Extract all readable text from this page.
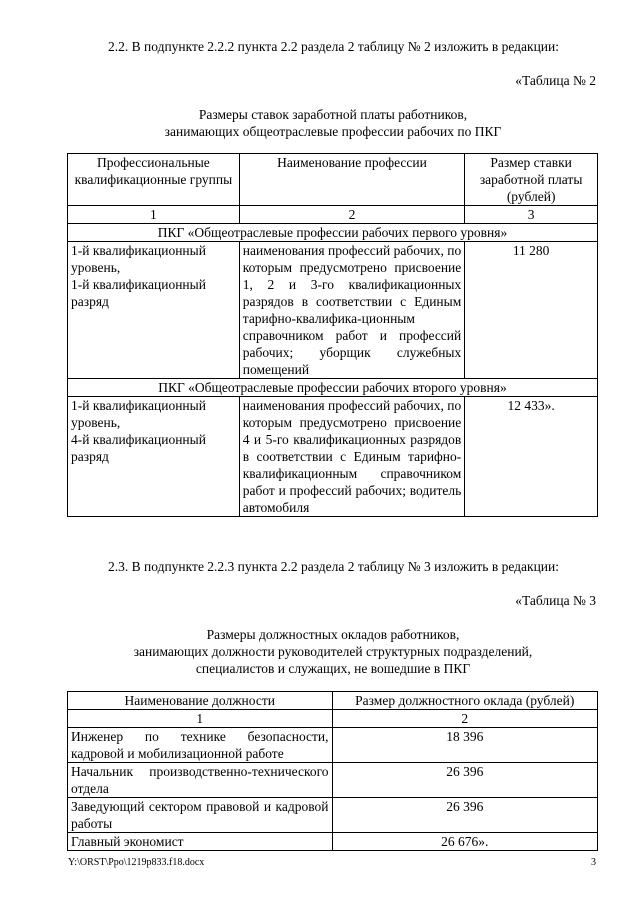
2.2. В подпункте 2.2.2 пункта 2.2 раздела 2 таблицу № 2 изложить в редакции:
«Таблица № 2
Размеры ставок заработной платы работников,
занимающих общеотраслевые профессии рабочих по ПКГ
Профессиональные квалификационные группы	Наименование профессии	Размер ставки заработной платы (рублей)
1	2	3
ПКГ «Общеотраслевые профессии рабочих первого уровня»		

1-й квалификационный уровень,
1-й квалификационный разряд	наименования профессий рабочих, по которым предусмотрено присвоение 1, 2 и 3-го квалификационных разрядов в соответствии с Единым тарифно-квалифика-ционным справочником работ и профессий рабочих; уборщик служебных помещений	11 280
ПКГ «Общеотраслевые профессии рабочих второго уровня»		

1-й квалификационный уровень,
4-й квалификационный разряд	наименования профессий рабочих, по которым предусмотрено присвоение 4 и 5-го квалификационных разрядов в соответствии с Единым тарифно-квалификационным справочником работ и профессий рабочих; водитель автомобиля	12 433».
2.3. В подпункте 2.2.3 пункта 2.2 раздела 2 таблицу № 3 изложить в редакции:
«Таблица № 3
Размеры должностных окладов работников,
занимающих должности руководителей структурных подразделений,
специалистов и служащих, не вошедшие в ПКГ
Наименование должности	Размер должностного оклада (рублей)
1	2
Инженер по технике безопасности, кадровой и мобилизационной работе	18 396
Начальник производственно-технического отдела	26 396
Заведующий сектором правовой и кадровой работы	26 396
Главный экономист	26 676».
Y:\ORST\Ppo\1219p833.f18.docx	3
